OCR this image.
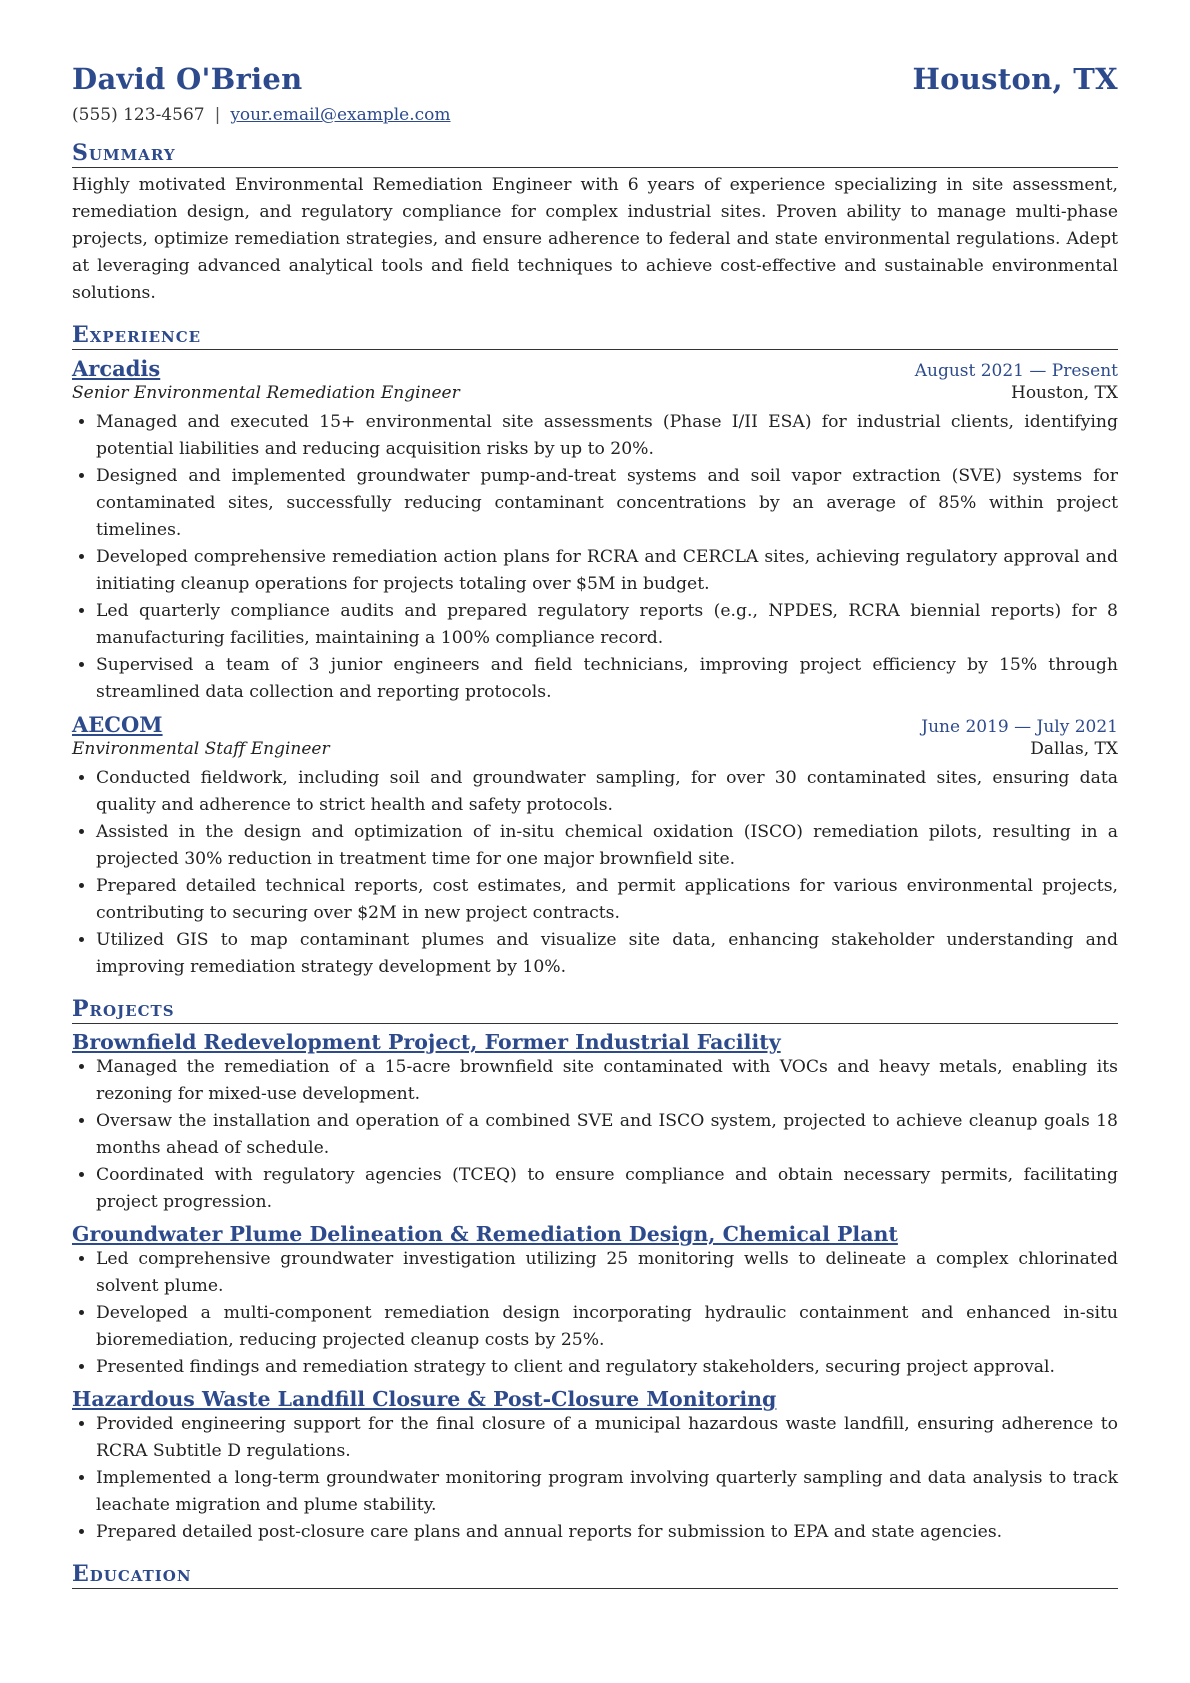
David O'Brien	Houston, TX
(555) 123-4567 | your.email@example.com
Summary
Highly motivated Environmental Remediation Engineer with 6 years of experience specializing in site assessment, remediation design, and regulatory compliance for complex industrial sites. Proven ability to manage multi-phase projects, optimize remediation strategies, and ensure adherence to federal and state environmental regulations. Adept at leveraging advanced analytical tools and field techniques to achieve cost-effective and sustainable environmental solutions.
Experience
Arcadis	August 2021 — Present
Senior Environmental Remediation Engineer	Houston, TX
• Managed and executed 15+ environmental site assessments (Phase I/II ESA) for industrial clients, identifying potential liabilities and reducing acquisition risks by up to 20%.
• Designed and implemented groundwater pump-and-treat systems and soil vapor extraction (SVE) systems for contaminated sites, successfully reducing contaminant concentrations by an average of 85% within project timelines.
• Developed comprehensive remediation action plans for RCRA and CERCLA sites, achieving regulatory approval and initiating cleanup operations for projects totaling over $5M in budget.
• Led quarterly compliance audits and prepared regulatory reports (e.g., NPDES, RCRA biennial reports) for 8 manufacturing facilities, maintaining a 100% compliance record.
• Supervised a team of 3 junior engineers and field technicians, improving project efficiency by 15% through streamlined data collection and reporting protocols.
AECOM	June 2019 — July 2021
Environmental Staff Engineer	Dallas, TX
• Conducted fieldwork, including soil and groundwater sampling, for over 30 contaminated sites, ensuring data quality and adherence to strict health and safety protocols.
• Assisted in the design and optimization of in-situ chemical oxidation (ISCO) remediation pilots, resulting in a projected 30% reduction in treatment time for one major brownfield site.
• Prepared detailed technical reports, cost estimates, and permit applications for various environmental projects, contributing to securing over $2M in new project contracts.
• Utilized GIS to map contaminant plumes and visualize site data, enhancing stakeholder understanding and improving remediation strategy development by 10%.
Projects
Brownfield Redevelopment Project, Former Industrial Facility
• Managed the remediation of a 15-acre brownfield site contaminated with VOCs and heavy metals, enabling its rezoning for mixed-use development.
• Oversaw the installation and operation of a combined SVE and ISCO system, projected to achieve cleanup goals 18 months ahead of schedule.
• Coordinated with regulatory agencies (TCEQ) to ensure compliance and obtain necessary permits, facilitating project progression.
Groundwater Plume Delineation & Remediation Design, Chemical Plant
• Led comprehensive groundwater investigation utilizing 25 monitoring wells to delineate a complex chlorinated solvent plume.
• Developed a multi-component remediation design incorporating hydraulic containment and enhanced in-situ bioremediation, reducing projected cleanup costs by 25%.
• Presented findings and remediation strategy to client and regulatory stakeholders, securing project approval.
Hazardous Waste Landfill Closure & Post-Closure Monitoring
• Provided engineering support for the final closure of a municipal hazardous waste landfill, ensuring adherence to RCRA Subtitle D regulations.
• Implemented a long-term groundwater monitoring program involving quarterly sampling and data analysis to track leachate migration and plume stability.
• Prepared detailed post-closure care plans and annual reports for submission to EPA and state agencies.
Education
